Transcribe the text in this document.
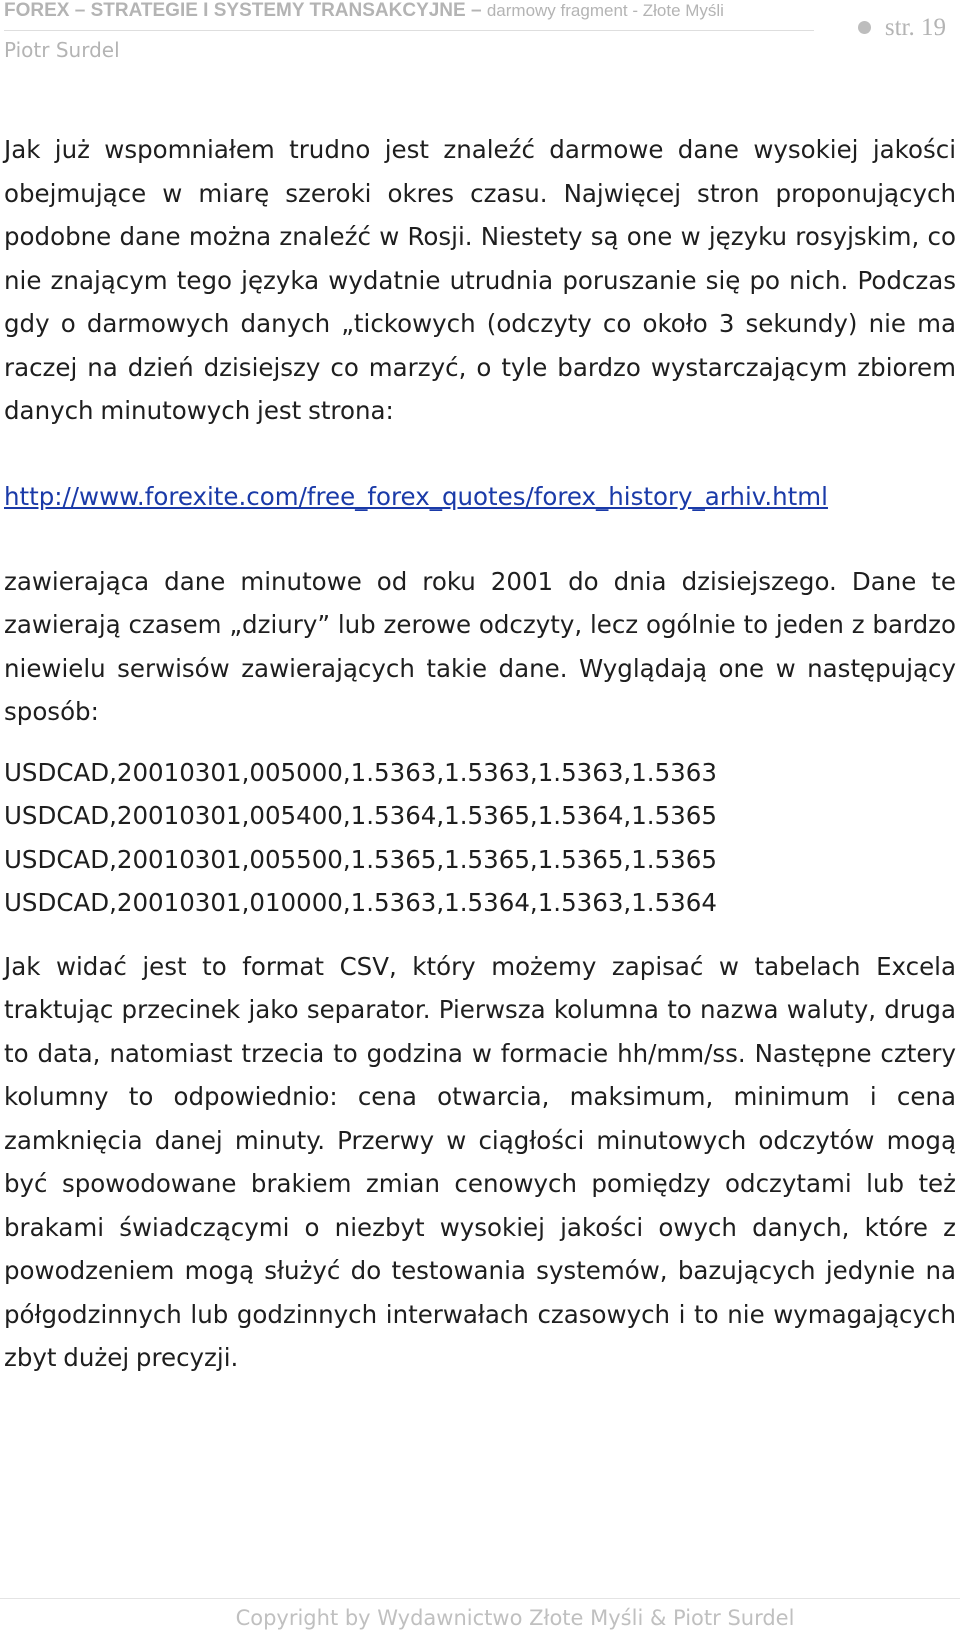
FOREX – STRATEGIE I SYSTEMY TRANSAKCYJNE – darmowy fragment - Złote Myśli
Piotr Surdel
str. 19

Jak już wspomniałem trudno jest znaleźć darmowe dane wysokiej jakości obejmujące w miarę szeroki okres czasu. Najwięcej stron proponujących podobne dane można znaleźć w Rosji. Niestety są one w języku rosyjskim, co nie znającym tego języka wydatnie utrudnia poruszanie się po nich. Podczas gdy o darmowych danych „tickowych (odczyty co około 3 sekundy) nie ma raczej na dzień dzisiejszy co marzyć, o tyle bardzo wystarczającym zbiorem danych minutowych jest strona:

http://www.forexite.com/free_forex_quotes/forex_history_arhiv.html

zawierająca dane minutowe od roku 2001 do dnia dzisiejszego. Dane te zawierają czasem „dziury” lub zerowe odczyty, lecz ogólnie to jeden z bardzo niewielu serwisów zawierających takie dane. Wyglądają one w następujący sposób:

USDCAD,20010301,005000,1.5363,1.5363,1.5363,1.5363
USDCAD,20010301,005400,1.5364,1.5365,1.5364,1.5365
USDCAD,20010301,005500,1.5365,1.5365,1.5365,1.5365
USDCAD,20010301,010000,1.5363,1.5364,1.5363,1.5364

Jak widać jest to format CSV, który możemy zapisać w tabelach Excela traktując przecinek jako separator. Pierwsza kolumna to nazwa waluty, druga to data, natomiast trzecia to godzina w formacie hh/mm/ss. Następne cztery kolumny to odpowiednio: cena otwarcia, maksimum, minimum i cena zamknięcia danej minuty. Przerwy w ciągłości minutowych odczytów mogą być spowodowane brakiem zmian cenowych pomiędzy odczytami lub też brakami świadczącymi o niezbyt wysokiej jakości owych danych, które z powodzeniem mogą służyć do testowania systemów, bazujących jedynie na półgodzinnych lub godzinnych interwałach czasowych i to nie wymagających zbyt dużej precyzji.

Copyright by Wydawnictwo Złote Myśli & Piotr Surdel
